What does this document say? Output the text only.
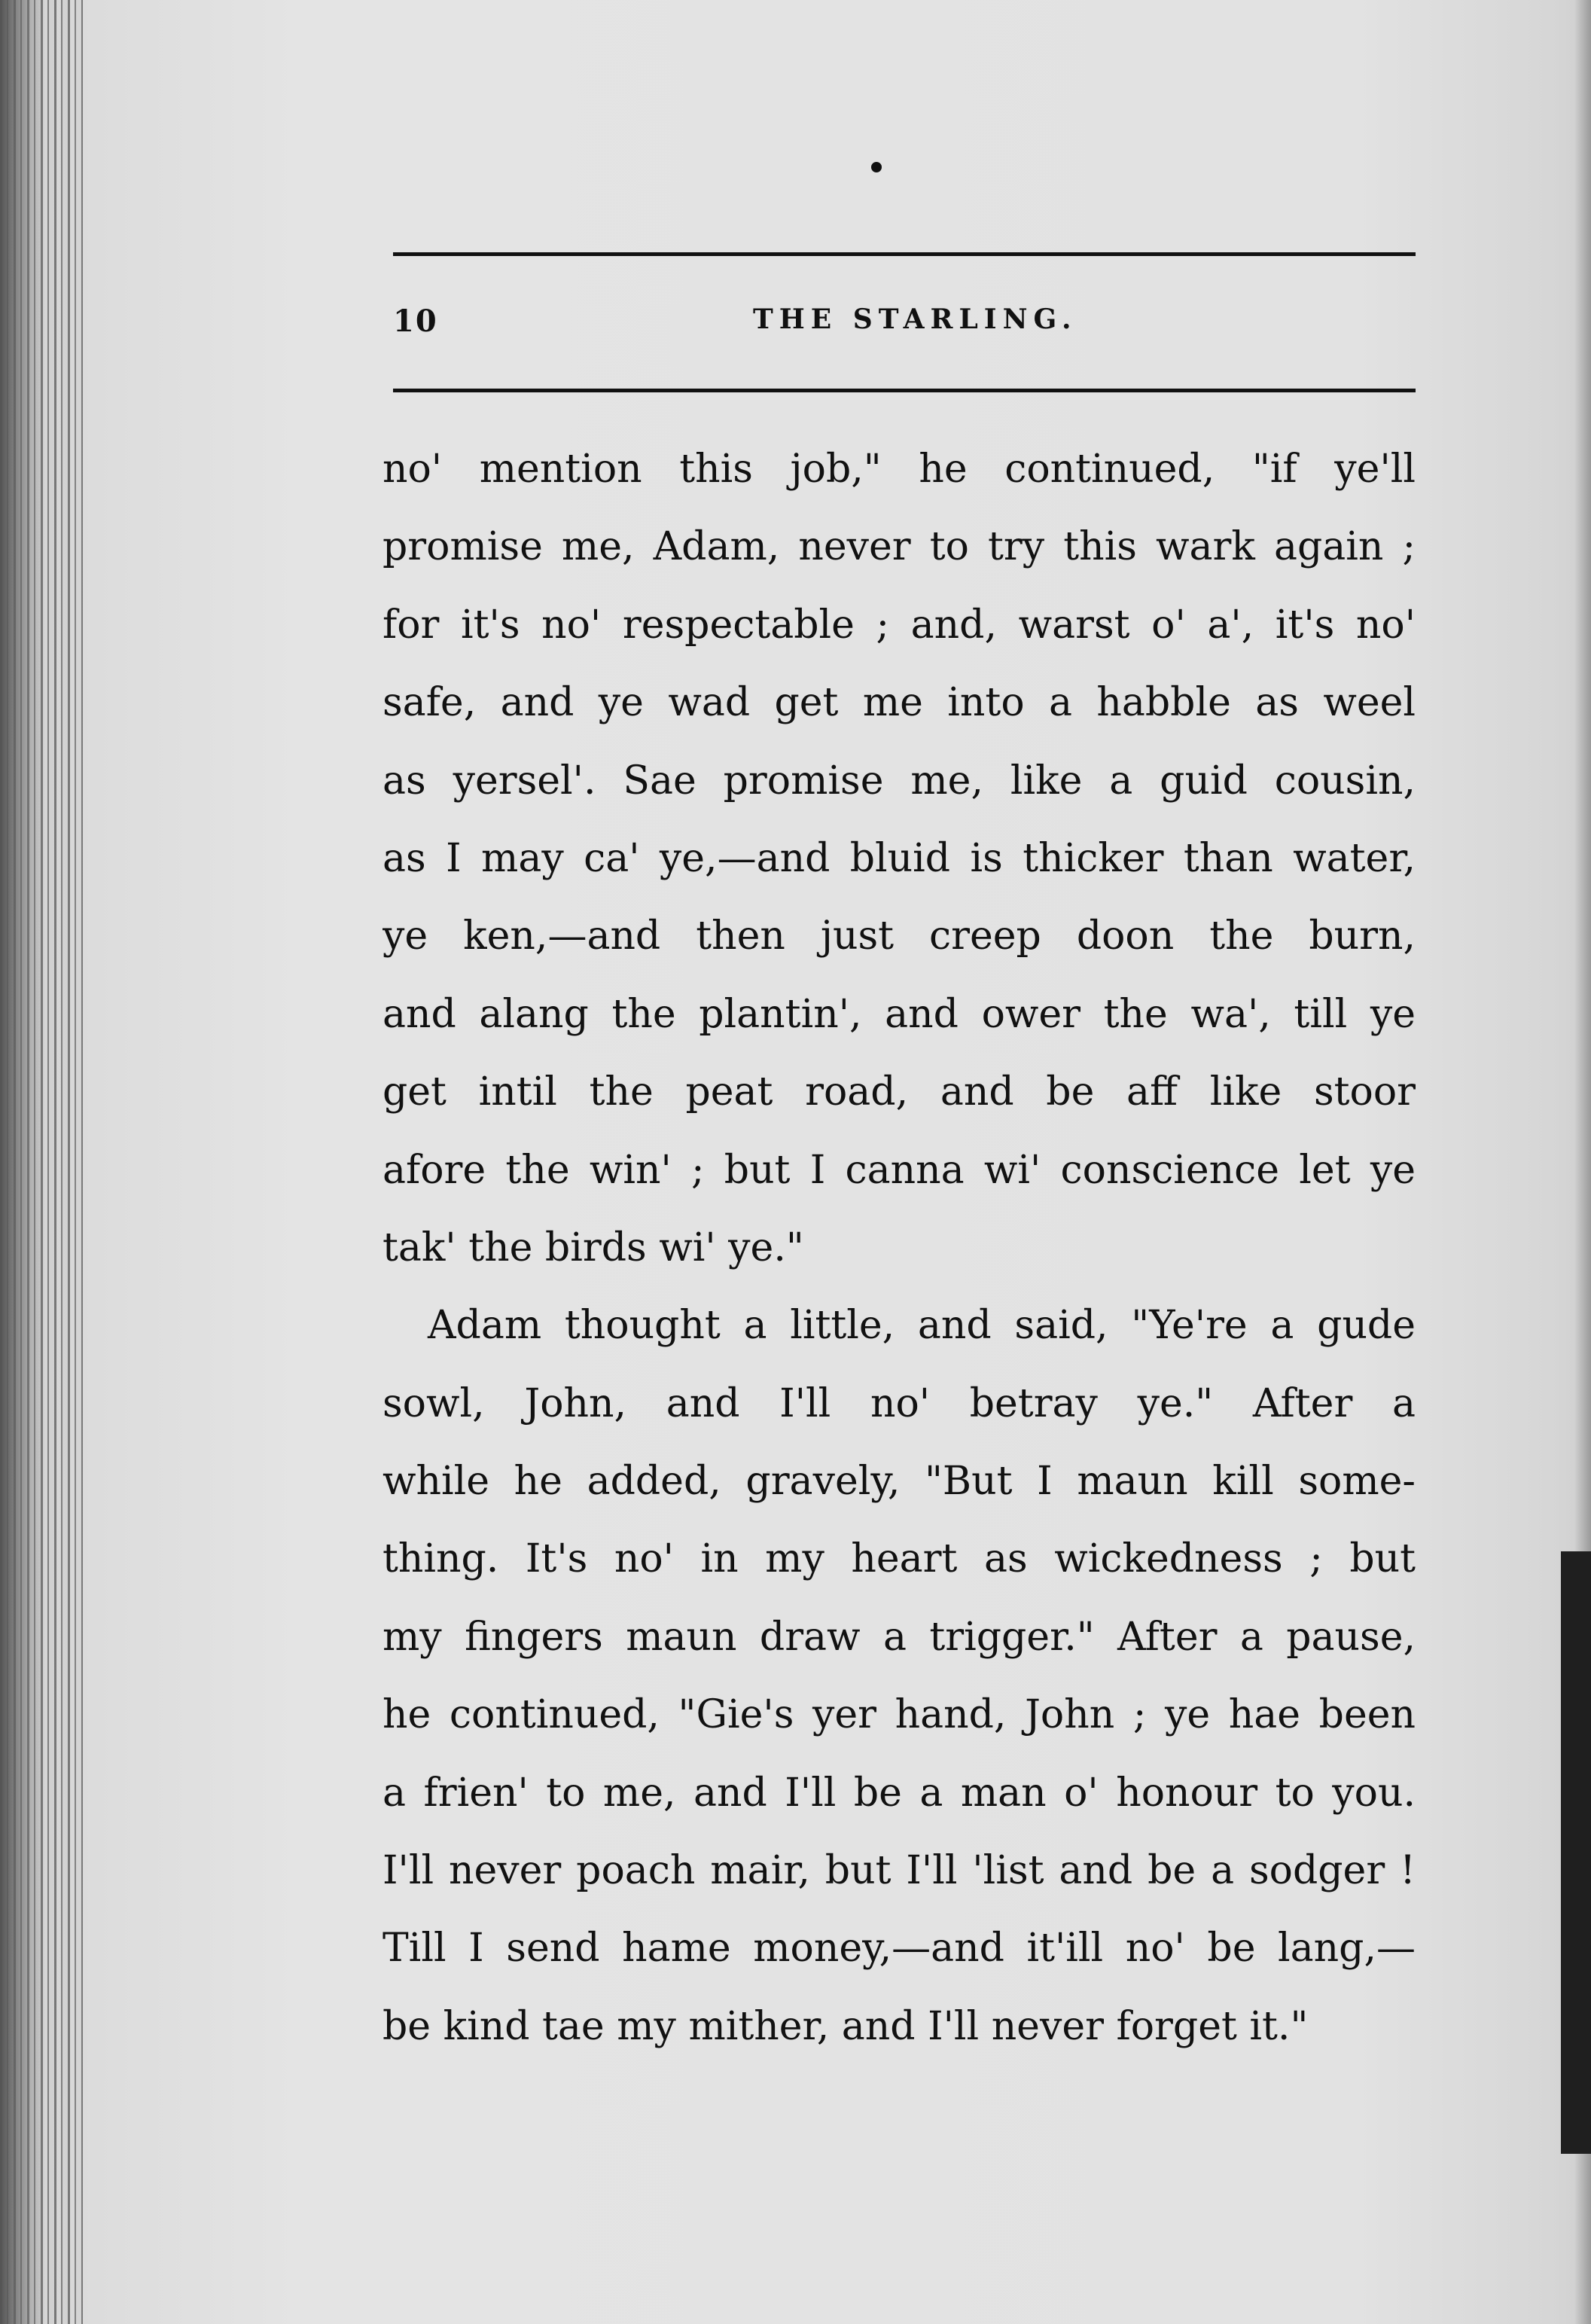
10	THE STARLING.
no' mention this job," he continued, "if ye'll
promise me, Adam, never to try this wark again ;
for it's no' respectable ; and, warst o' a', it's no'
safe, and ye wad get me into a habble as weel
as yersel'. Sae promise me, like a guid cousin,
as I may ca' ye,—and bluid is thicker than water,
ye ken,—and then just creep doon the burn,
and alang the plantin', and ower the wa', till ye
get intil the peat road, and be aff like stoor
afore the win' ; but I canna wi' conscience let ye
tak' the birds wi' ye."
Adam thought a little, and said, "Ye're a gude
sowl, John, and I'll no' betray ye." After a
while he added, gravely, "But I maun kill some-
thing. It's no' in my heart as wickedness ; but
my fingers maun draw a trigger." After a pause,
he continued, "Gie's yer hand, John ; ye hae been
a frien' to me, and I'll be a man o' honour to you.
I'll never poach mair, but I'll 'list and be a sodger !
Till I send hame money,—and it'ill no' be lang,—
be kind tae my mither, and I'll never forget it."
